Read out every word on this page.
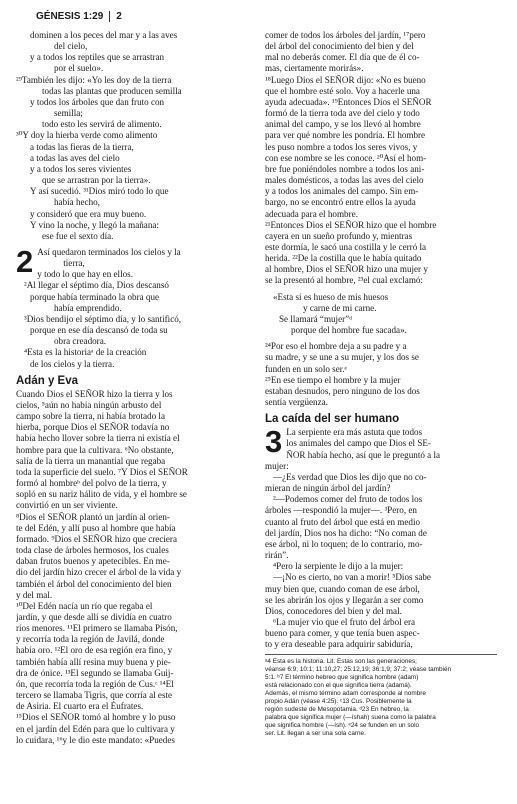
GÉNESIS 1:29 2
dominen a los peces del mar y a las aves
del cielo,
y a todos los reptiles que se arrastran
por el suelo».
²⁹También les dijo: «Yo les doy de la tierra
todas las plantas que producen semilla
y todos los árboles que dan fruto con
semilla;
todo esto les servirá de alimento.
³⁰Y doy la hierba verde como alimento
a todas las fieras de la tierra,
a todas las aves del cielo
y a todos los seres vivientes
que se arrastran por la tierra».
Y así sucedió. ³¹Dios miró todo lo que
había hecho,
y consideró que era muy bueno.
Y vino la noche, y llegó la mañana:
ese fue el sexto día.
2 Así quedaron terminados los cielos y la
tierra,
y todo lo que hay en ellos.
²Al llegar el séptimo día, Dios descansó
porque había terminado la obra que
había emprendido.
³Dios bendijo el séptimo día, y lo santificó,
porque en ese día descansó de toda su
obra creadora.
⁴Esta es la historiaᵃ de la creación
de los cielos y la tierra.
Adán y Eva
Cuando Dios el SEÑOR hizo la tierra y los
cielos, ⁵aún no había ningún arbusto del
campo sobre la tierra, ni había brotado la
hierba, porque Dios el SEÑOR todavía no
había hecho llover sobre la tierra ni existía el
hombre para que la cultivara. ⁶No obstante,
salía de la tierra un manantial que regaba
toda la superficie del suelo. ⁷Y Dios el SEÑOR
formó al hombreᵇ del polvo de la tierra, y
sopló en su nariz hálito de vida, y el hombre se
convirtió en un ser viviente.
⁸Dios el SEÑOR plantó un jardín al orien-
te del Edén, y allí puso al hombre que había
formado. ⁹Dios el SEÑOR hizo que creciera
toda clase de árboles hermosos, los cuales
daban frutos buenos y apetecibles. En me-
dio del jardín hizo crecer el árbol de la vida y
también el árbol del conocimiento del bien
y del mal.
¹⁰Del Edén nacía un río que regaba el
jardín, y que desde allí se dividía en cuatro
ríos menores. ¹¹El primero se llamaba Pisón,
y recorría toda la región de Javilá, donde
había oro. ¹²El oro de esa región era fino, y
también había allí resina muy buena y pie-
dra de ónice. ¹³El segundo se llamaba Guij-
ón, que recorría toda la región de Cus.ᶜ ¹⁴El
tercero se llamaba Tigris, que corría al este
de Asiria. El cuarto era el Éufrates.
¹⁵Dios el SEÑOR tomó al hombre y lo puso
en el jardín del Edén para que lo cultivara y
lo cuidara, ¹⁶y le dio este mandato: «Puedes
comer de todos los árboles del jardín, ¹⁷pero
del árbol del conocimiento del bien y del
mal no deberás comer. El día que de él co-
mas, ciertamente morirás».
¹⁸Luego Dios el SEÑOR dijo: «No es bueno
que el hombre esté solo. Voy a hacerle una
ayuda adecuada». ¹⁹Entonces Dios el SEÑOR
formó de la tierra toda ave del cielo y todo
animal del campo, y se los llevó al hombre
para ver qué nombre les pondría. El hombre
les puso nombre a todos los seres vivos, y
con ese nombre se les conoce. ²⁰Así el hom-
bre fue poniéndoles nombre a todos los ani-
males domésticos, a todas las aves del cielo
y a todos los animales del campo. Sin em-
bargo, no se encontró entre ellos la ayuda
adecuada para el hombre.
²¹Entonces Dios el SEÑOR hizo que el hombre
cayera en un sueño profundo y, mientras
este dormía, le sacó una costilla y le cerró la
herida. ²²De la costilla que le había quitado
al hombre, Dios el SEÑOR hizo una mujer y
se la presentó al hombre, ²³el cual exclamó:
«Esta sí es hueso de mis huesos
y carne de mi carne.
Se llamará “mujer”ᵈ
porque del hombre fue sacada».
²⁴Por eso el hombre deja a su padre y a
su madre, y se une a su mujer, y los dos se
funden en un solo ser.ᵉ
²⁵En ese tiempo el hombre y la mujer
estaban desnudos, pero ninguno de los dos
sentía vergüenza.
La caída del ser humano
3 La serpiente era más astuta que todos
los animales del campo que Dios el SE-
ÑOR había hecho, así que le preguntó a la
mujer:
—¿Es verdad que Dios les dijo que no co-
mieran de ningún árbol del jardín?
²—Podemos comer del fruto de todos los
árboles —respondió la mujer—. ³Pero, en
cuanto al fruto del árbol que está en medio
del jardín, Dios nos ha dicho: “No coman de
ese árbol, ni lo toquen; de lo contrario, mo-
rirán”.
⁴Pero la serpiente le dijo a la mujer:
—¡No es cierto, no van a morir! ⁵Dios sabe
muy bien que, cuando coman de ese árbol,
se les abrirán los ojos y llegarán a ser como
Dios, conocedores del bien y del mal.
⁶La mujer vio que el fruto del árbol era
bueno para comer, y que tenía buen aspec-
to y era deseable para adquirir sabiduría,
ᵃ4 Esta es la historia. Lit. Estas son las generaciones;
véanse 6:9; 10:1; 11:10,27; 25:12,19; 36:1,9; 37:2; véase también
5:1. ᵇ7 El término hebreo que significa hombre (adam)
está relacionado con el que significa tierra (adamá).
Además, el mismo término adam corresponde al nombre
propio Adán (véase 4:25). ᶜ13 Cus. Posiblemente la
región sudeste de Mesopotamia. ᵈ23 En hebreo, la
palabra que significa mujer (—íshah) suena como la palabra
que significa hombre (—ísh). ᵉ24 se funden en un solo
ser. Lit. llegan a ser una sola carne.
